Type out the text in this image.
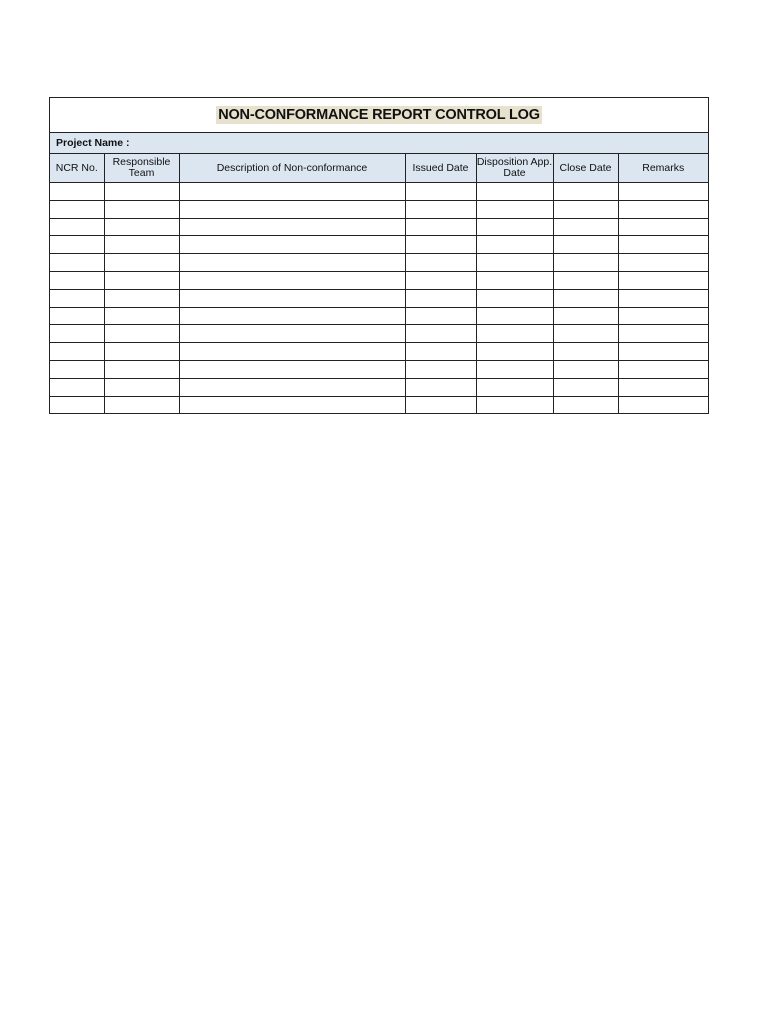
NON-CONFORMANCE REPORT CONTROL LOG
Project Name :
NCR No.	Responsible Team	Description of Non-conformance	Issued Date	Disposition App. Date	Close Date	Remarks
